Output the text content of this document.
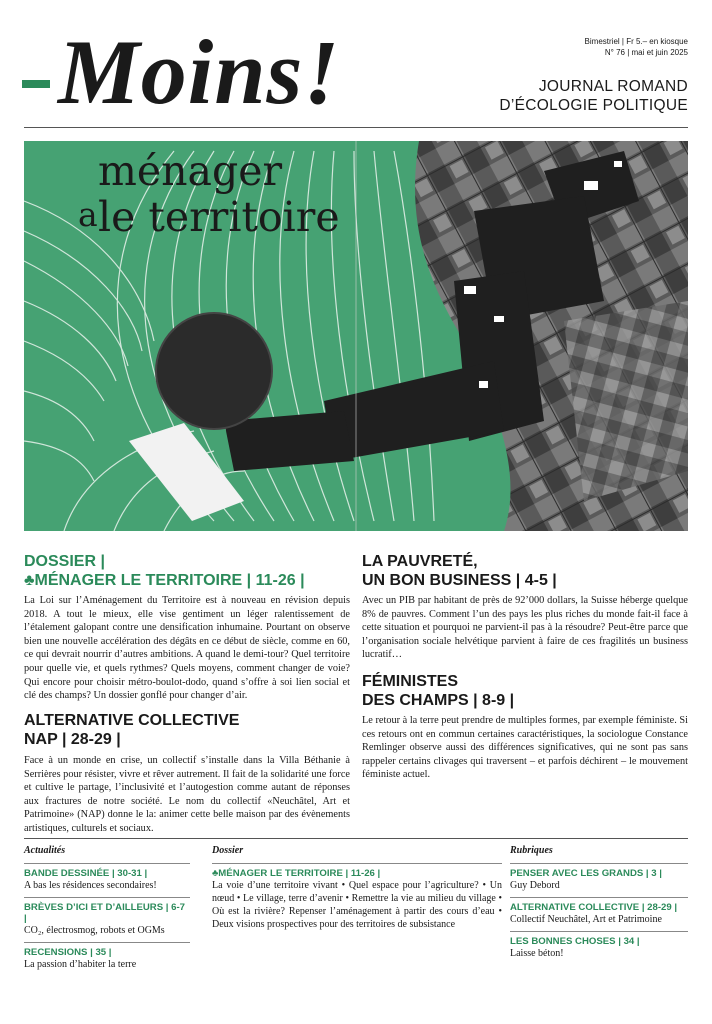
Moins!	Bimestriel | Fr 5.– en kiosque
N° 76 | mai et juin 2025
JOURNAL ROMAND
D’ÉCOLOGIE POLITIQUE
a
ménager
le territoire
DOSSIER |
♣MÉNAGER LE TERRITOIRE | 11-26 |
La Loi sur l’Aménagement du Territoire est à nouveau en révision depuis 2018. A tout le mieux, elle vise gentiment un léger ralentissement de l’étalement galopant contre une densification inhumaine. Pourtant on observe bien une nouvelle accélération des dégâts en ce début de siècle, comme en 60, ce qui devrait nourrir d’autres ambitions. A quand le demi-tour? Quel territoire pour quelle vie, et quels rythmes? Quels moyens, comment changer de voie? Qui encore pour choisir métro-boulot-dodo, quand s’offre à soi lien social et clé des champs? Un dossier gonflé pour changer d’air.
ALTERNATIVE COLLECTIVE
NAP | 28-29 |
Face à un monde en crise, un collectif s’installe dans la Villa Béthanie à Serrières pour résister, vivre et rêver autrement. Il fait de la solidarité une force et cultive le partage, l’inclusivité et l’autogestion comme autant de réponses aux fractures de notre société. Le nom du collectif «Neuchâtel, Art et Patrimoine» (NAP) donne le la: animer cette belle maison par des évènements artistiques, culturels et sociaux.
LA PAUVRETÉ,
UN BON BUSINESS | 4-5 |
Avec un PIB par habitant de près de 92’000 dollars, la Suisse héberge quelque 8% de pauvres. Comment l’un des pays les plus riches du monde fait-il face à cette situation et pourquoi ne parvient-il pas à la résoudre? Peut-être parce que l’organisation sociale helvétique parvient à faire de ces fragilités un business lucratif…
FÉMINISTES
DES CHAMPS | 8-9 |
Le retour à la terre peut prendre de multiples formes, par exemple féministe. Si ces retours ont en commun certaines caractéristiques, la sociologue Constance Remlinger observe aussi des différences significatives, qui ne sont pas sans rappeler certains clivages qui traversent – et parfois déchirent – le mouvement féministe actuel.
Actualités
BANDE DESSINÉE | 30-31 |
A bas les résidences secondaires!
BRÈVES D’ICI ET D’AILLEURS | 6-7 |
CO₂, électrosmog, robots et OGMs
RECENSIONS | 35 |
La passion d’habiter la terre
Dossier
♣MÉNAGER LE TERRITOIRE | 11-26 |
La voie d’une territoire vivant • Quel espace pour l’agriculture? • Un nœud • Le village, terre d’avenir • Remettre la vie au milieu du village • Où est la rivière? Repenser l’aménagement à partir des cours d’eau • Deux visions prospectives pour des territoires de subsistance
Rubriques
PENSER AVEC LES GRANDS | 3 |
Guy Debord
ALTERNATIVE COLLECTIVE | 28-29 |
Collectif Neuchâtel, Art et Patrimoine
LES BONNES CHOSES | 34 |
Laisse béton!
